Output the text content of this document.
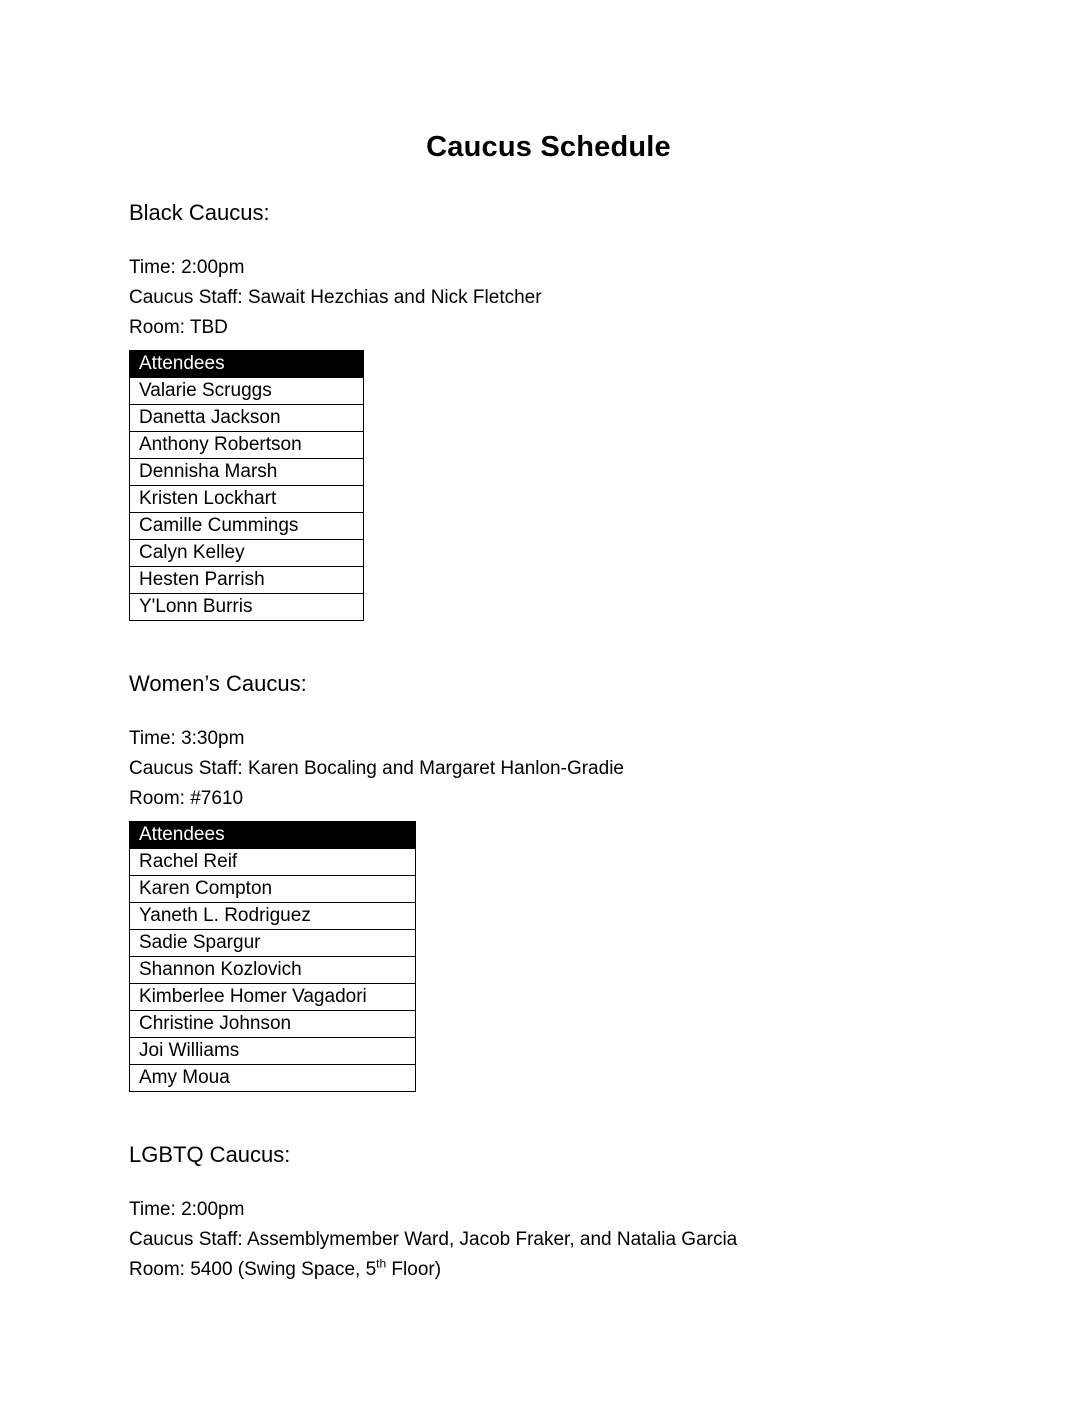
Caucus Schedule
Black Caucus:

Time: 2:00pm

Caucus Staff: Sawait Hezchias and Nick Fletcher

Room: TBD

Attendees
Valarie Scruggs
Danetta Jackson
Anthony Robertson
Dennisha Marsh
Kristen Lockhart
Camille Cummings
Calyn Kelley
Hesten Parrish
Y'Lonn Burris
Women’s Caucus:

Time: 3:30pm

Caucus Staff: Karen Bocaling and Margaret Hanlon-Gradie

Room: #7610

Attendees
Rachel Reif
Karen Compton
Yaneth L. Rodriguez
Sadie Spargur
Shannon Kozlovich
Kimberlee Homer Vagadori
Christine Johnson
Joi Williams
Amy Moua
LGBTQ Caucus:

Time: 2:00pm

Caucus Staff: Assemblymember Ward, Jacob Fraker, and Natalia Garcia

Room: 5400 (Swing Space, 5th Floor)
